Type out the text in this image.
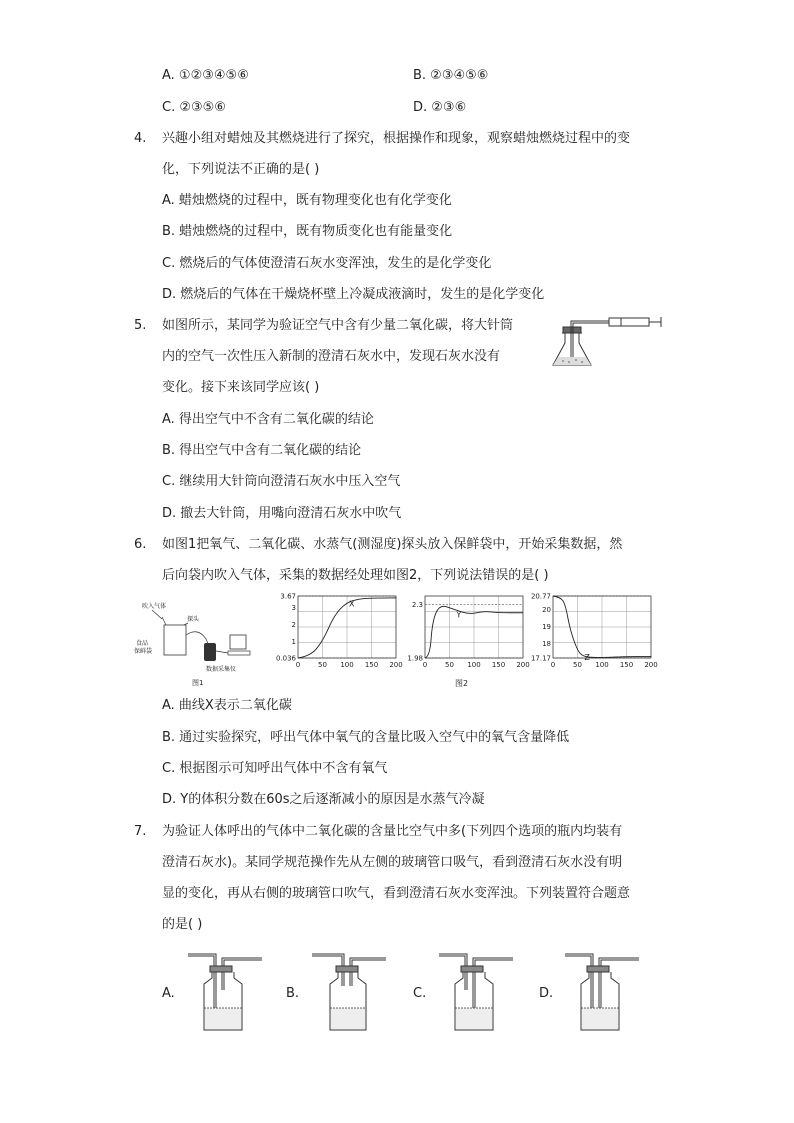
A. ①②③④⑤⑥	B. ②③④⑤⑥
C. ②③⑤⑥	D. ②③⑥
4. 兴趣小组对蜡烛及其燃烧进行了探究，根据操作和现象，观察蜡烛燃烧过程中的变
化，下列说法不正确的是( )
A. 蜡烛燃烧的过程中，既有物理变化也有化学变化
B. 蜡烛燃烧的过程中，既有物质变化也有能量变化
C. 燃烧后的气体使澄清石灰水变浑浊，发生的是化学变化
D. 燃烧后的气体在干燥烧杯壁上冷凝成液滴时，发生的是化学变化
5. 如图所示，某同学为验证空气中含有少量二氧化碳，将大针筒
内的空气一次性压入新制的澄清石灰水中，发现石灰水没有
变化。接下来该同学应该( )
A. 得出空气中不含有二氧化碳的结论
B. 得出空气中含有二氧化碳的结论
C. 继续用大针筒向澄清石灰水中压入空气
D. 撤去大针筒，用嘴向澄清石灰水中吹气
6. 如图1把氧气、二氧化碳、水蒸气(测湿度)探头放入保鲜袋中，开始采集数据，然
后向袋内吹入气体，采集的数据经处理如图2，下列说法错误的是( )
吹入气体
探头
食品
保鲜袋
数据采集仪
图1
0	50 100 150 200
0.036
1
2
3
3.67
X
0	50 100 150 200
1.98
2.3
Y
0	50 100 150 200
17.17
18
19
20
20.77
Z
图2
A. 曲线X表示二氧化碳
B. 通过实验探究，呼出气体中氧气的含量比吸入空气中的氧气含量降低
C. 根据图示可知呼出气体中不含有氧气
D. Y的体积分数在60s之后逐渐减小的原因是水蒸气冷凝
7. 为验证人体呼出的气体中二氧化碳的含量比空气中多(下列四个选项的瓶内均装有
澄清石灰水)。某同学规范操作先从左侧的玻璃管口吸气，看到澄清石灰水没有明
显的变化，再从右侧的玻璃管口吹气，看到澄清石灰水变浑浊。下列装置符合题意
的是( )
A.	B.	C.	D.
